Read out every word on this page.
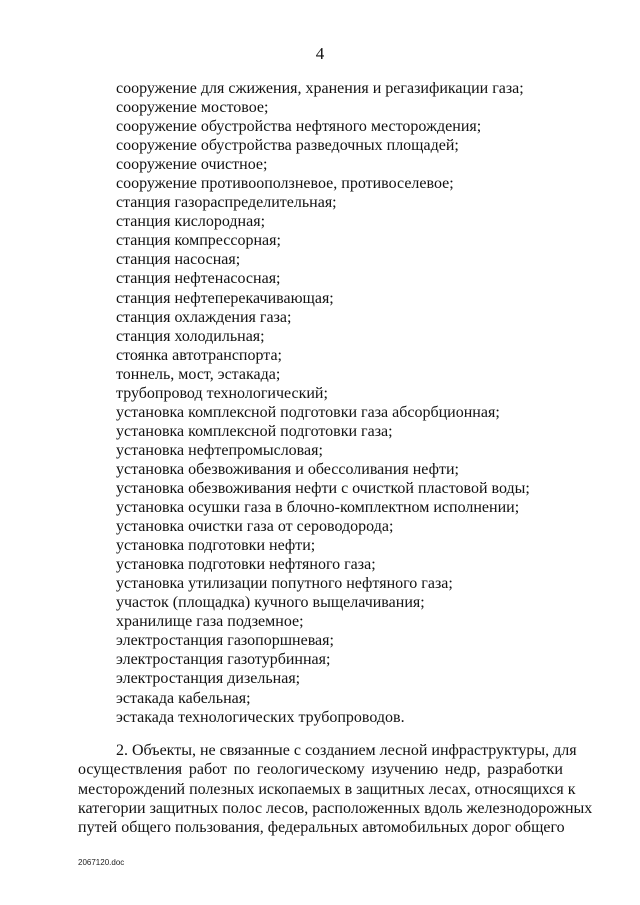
4
сооружение для сжижения, хранения и регазификации газа;
сооружение мостовое;
сооружение обустройства нефтяного месторождения;
сооружение обустройства разведочных площадей;
сооружение очистное;
сооружение противооползневое, противоселевое;
станция газораспределительная;
станция кислородная;
станция компрессорная;
станция насосная;
станция нефтенасосная;
станция нефтеперекачивающая;
станция охлаждения газа;
станция холодильная;
стоянка автотранспорта;
тоннель, мост, эстакада;
трубопровод технологический;
установка комплексной подготовки газа абсорбционная;
установка комплексной подготовки газа;
установка нефтепромысловая;
установка обезвоживания и обессоливания нефти;
установка обезвоживания нефти с очисткой пластовой воды;
установка осушки газа в блочно-комплектном исполнении;
установка очистки газа от сероводорода;
установка подготовки нефти;
установка подготовки нефтяного газа;
установка утилизации попутного нефтяного газа;
участок (площадка) кучного выщелачивания;
хранилище газа подземное;
электростанция газопоршневая;
электростанция газотурбинная;
электростанция дизельная;
эстакада кабельная;
эстакада технологических трубопроводов.
2. Объекты, не связанные с созданием лесной инфраструктуры, для
осуществления работ по геологическому изучению недр, разработки
месторождений полезных ископаемых в защитных лесах, относящихся к
категории защитных полос лесов, расположенных вдоль железнодорожных
путей общего пользования, федеральных автомобильных дорог общего
2067120.doc
